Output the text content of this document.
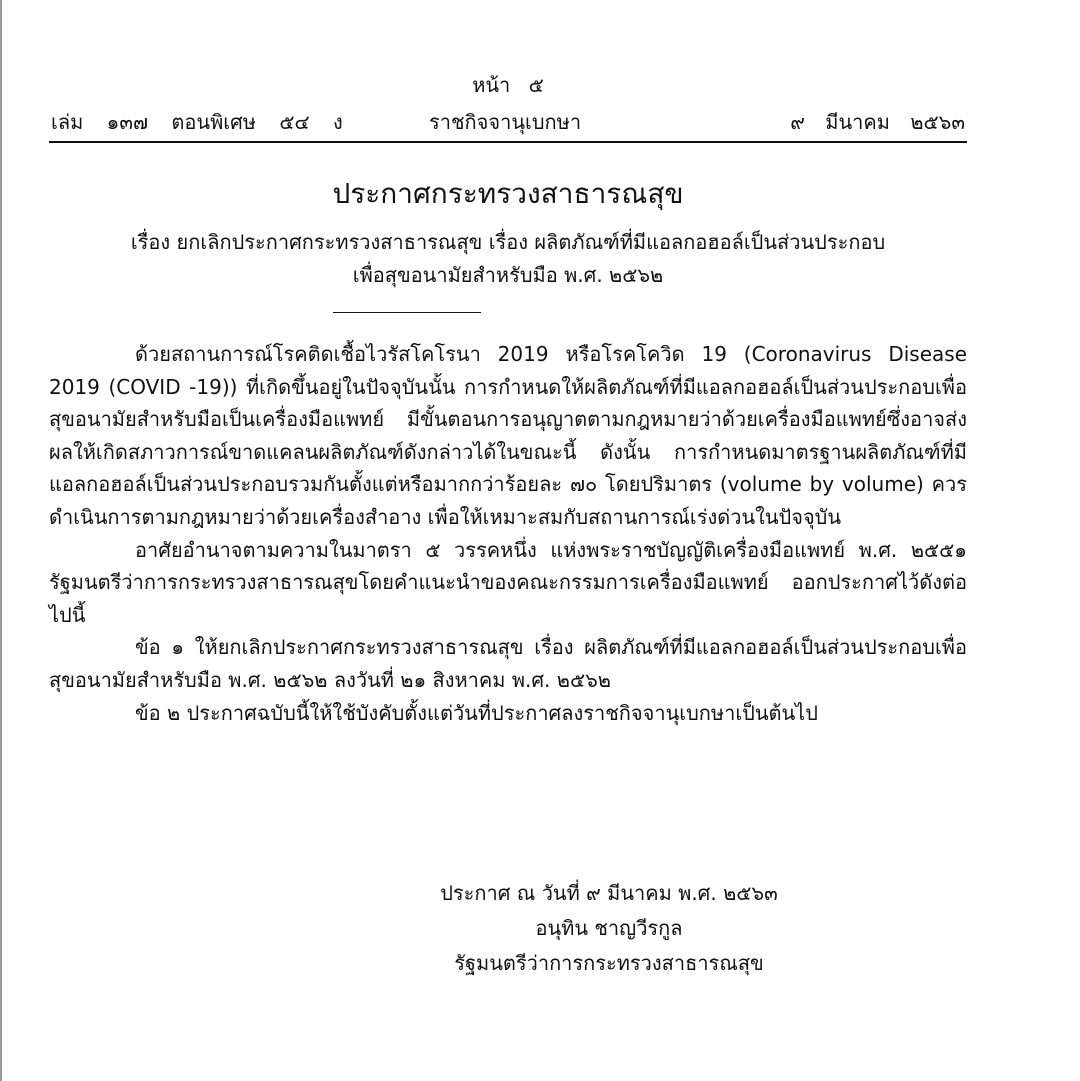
หน้า ๕
เล่ม ๑๓๗ ตอนพิเศษ ๕๔ ง	ราชกิจจานุเบกษา	๙ มีนาคม ๒๕๖๓
ประกาศกระทรวงสาธารณสุข
เรื่อง ยกเลิกประกาศกระทรวงสาธารณสุข เรื่อง ผลิตภัณฑ์ที่มีแอลกอฮอล์เป็นส่วนประกอบ
เพื่อสุขอนามัยสำหรับมือ พ.ศ. ๒๕๖๒

ด้วยสถานการณ์โรคติดเชื้อไวรัสโคโรนา 2019 หรือโรคโควิด 19 (Coronavirus Disease 2019 (COVID -19)) ที่เกิดขึ้นอยู่ในปัจจุบันนั้น การกำหนดให้ผลิตภัณฑ์ที่มีแอลกอฮอล์เป็นส่วนประกอบเพื่อสุขอนามัยสำหรับมือเป็นเครื่องมือแพทย์ มีขั้นตอนการอนุญาตตามกฎหมายว่าด้วยเครื่องมือแพทย์ซึ่งอาจส่งผลให้เกิดสภาวการณ์ขาดแคลนผลิตภัณฑ์ดังกล่าวได้ในขณะนี้ ดังนั้น การกำหนดมาตรฐานผลิตภัณฑ์ที่มีแอลกอฮอล์เป็นส่วนประกอบรวมกันตั้งแต่หรือมากกว่าร้อยละ ๗๐ โดยปริมาตร (volume by volume) ควรดำเนินการตามกฎหมายว่าด้วยเครื่องสำอาง เพื่อให้เหมาะสมกับสถานการณ์เร่งด่วนในปัจจุบัน

อาศัยอำนาจตามความในมาตรา ๕ วรรคหนึ่ง แห่งพระราชบัญญัติเครื่องมือแพทย์ พ.ศ. ๒๕๕๑ รัฐมนตรีว่าการกระทรวงสาธารณสุขโดยคำแนะนำของคณะกรรมการเครื่องมือแพทย์ ออกประกาศไว้ดังต่อไปนี้

ข้อ ๑ ให้ยกเลิกประกาศกระทรวงสาธารณสุข เรื่อง ผลิตภัณฑ์ที่มีแอลกอฮอล์เป็นส่วนประกอบเพื่อสุขอนามัยสำหรับมือ พ.ศ. ๒๕๖๒ ลงวันที่ ๒๑ สิงหาคม พ.ศ. ๒๕๖๒

ข้อ ๒ ประกาศฉบับนี้ให้ใช้บังคับตั้งแต่วันที่ประกาศลงราชกิจจานุเบกษาเป็นต้นไป

ประกาศ ณ วันที่ ๙ มีนาคม พ.ศ. ๒๕๖๓
อนุทิน ชาญวีรกูล
รัฐมนตรีว่าการกระทรวงสาธารณสุข
